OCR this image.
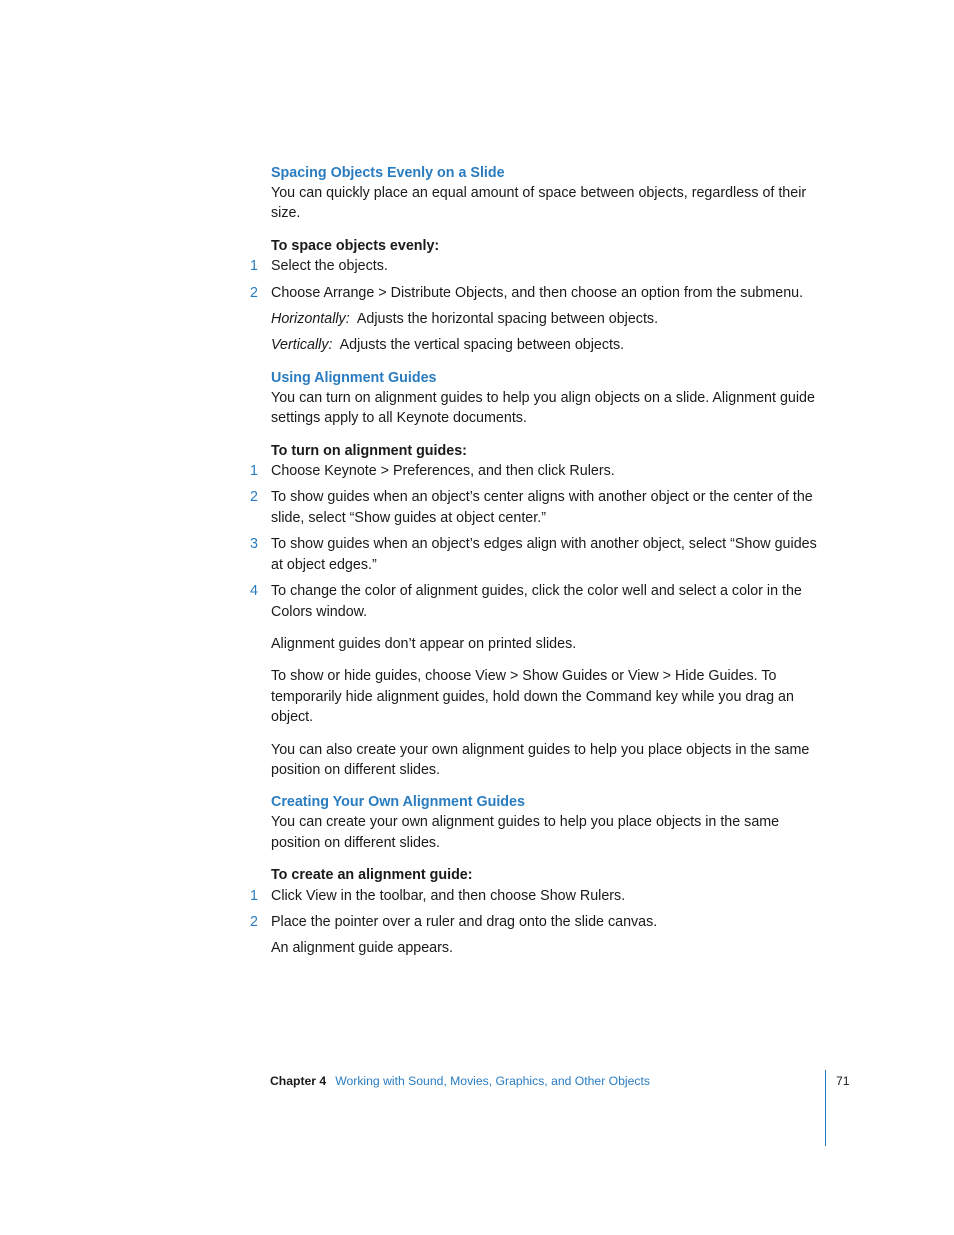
Spacing Objects Evenly on a Slide

You can quickly place an equal amount of space between objects, regardless of their
size.

To space objects evenly:

1 Select the objects.

2 Choose Arrange > Distribute Objects, and then choose an option from the submenu.

Horizontally: Adjusts the horizontal spacing between objects.

Vertically: Adjusts the vertical spacing between objects.

Using Alignment Guides

You can turn on alignment guides to help you align objects on a slide. Alignment guide
settings apply to all Keynote documents.

To turn on alignment guides:

1 Choose Keynote > Preferences, and then click Rulers.

2 To show guides when an object’s center aligns with another object or the center of the
slide, select “Show guides at object center.”

3 To show guides when an object’s edges align with another object, select “Show guides
at object edges.”

4 To change the color of alignment guides, click the color well and select a color in the
Colors window.

Alignment guides don’t appear on printed slides.

To show or hide guides, choose View > Show Guides or View > Hide Guides. To
temporarily hide alignment guides, hold down the Command key while you drag an
object.

You can also create your own alignment guides to help you place objects in the same
position on different slides.

Creating Your Own Alignment Guides

You can create your own alignment guides to help you place objects in the same
position on different slides.

To create an alignment guide:

1 Click View in the toolbar, and then choose Show Rulers.

2 Place the pointer over a ruler and drag onto the slide canvas.

An alignment guide appears.

Chapter 4 Working with Sound, Movies, Graphics, and Other Objects	71
